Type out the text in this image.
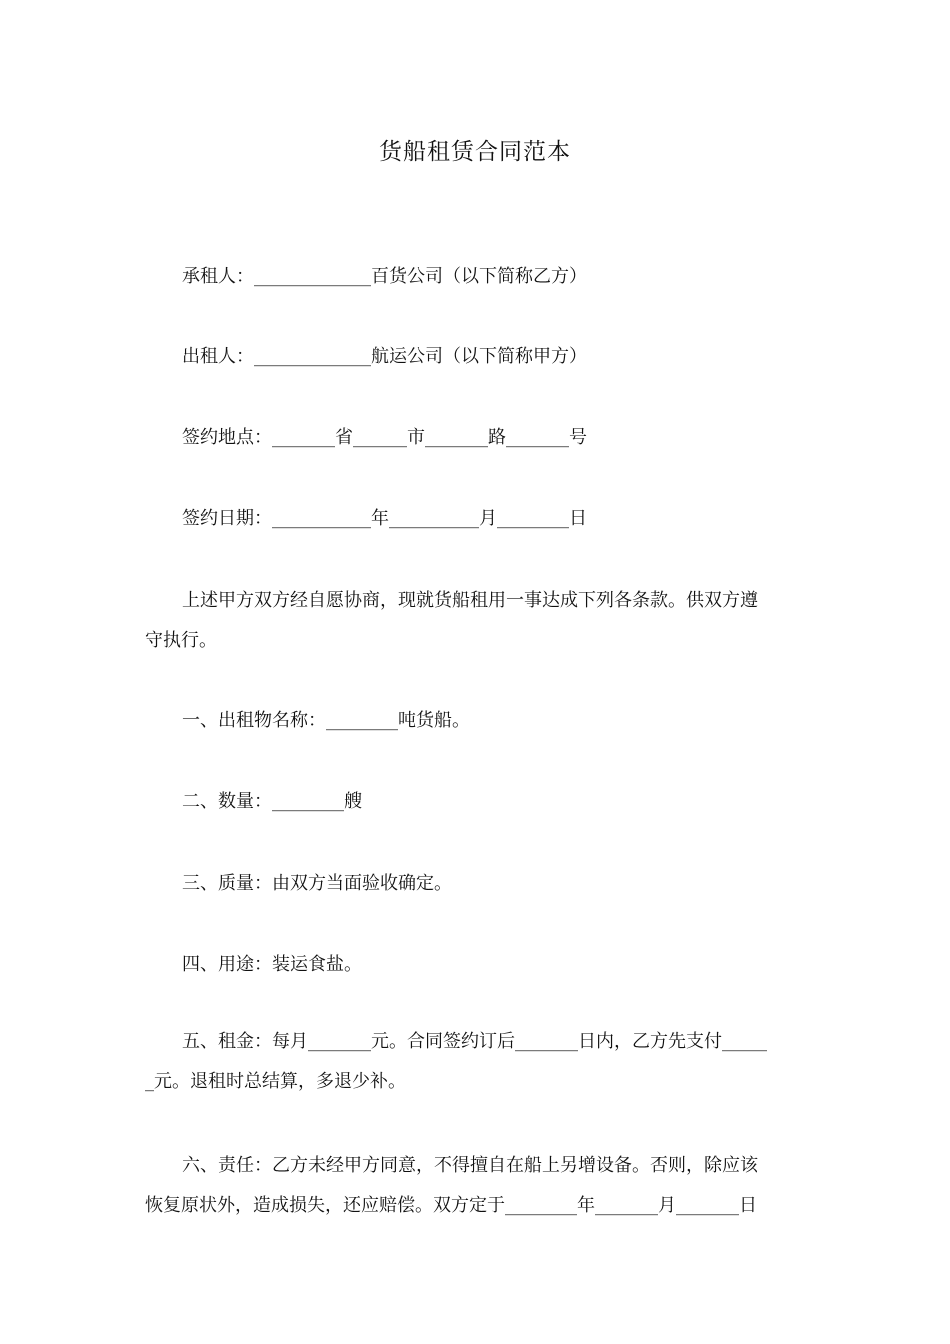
货船租赁合同范本
承租人：_____________百货公司（以下简称乙方）
出租人：_____________航运公司（以下简称甲方）
签约地点：_______省______市_______路_______号
签约日期：___________年__________月________日
上述甲方双方经自愿协商，现就货船租用一事达成下列各条款。供双方遵
守执行。
一、出租物名称：________吨货船。
二、数量：________艘
三、质量：由双方当面验收确定。
四、用途：装运食盐。
五、租金：每月_______元。合同签约订后_______日内，乙方先支付_____
_元。退租时总结算，多退少补。
六、责任：乙方未经甲方同意，不得擅自在船上另增设备。否则，除应该
恢复原状外，造成损失，还应赔偿。双方定于________年_______月_______日
